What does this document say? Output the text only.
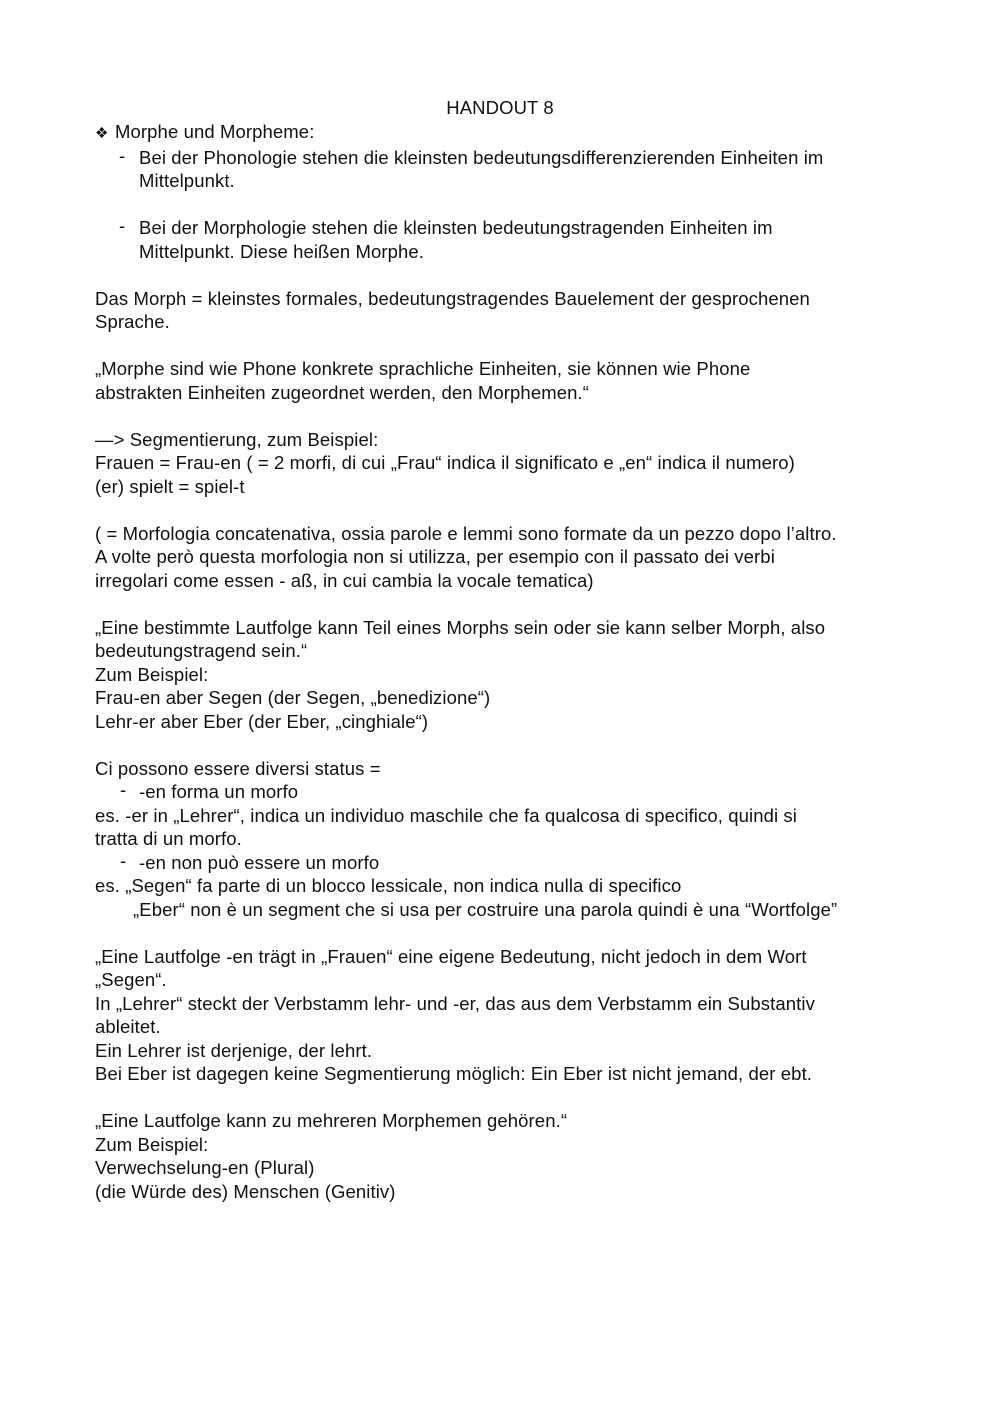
HANDOUT 8
❖ Morphe und Morpheme:
- Bei der Phonologie stehen die kleinsten bedeutungsdifferenzierenden Einheiten im
Mittelpunkt.
- Bei der Morphologie stehen die kleinsten bedeutungstragenden Einheiten im
Mittelpunkt. Diese heißen Morphe.
Das Morph = kleinstes formales, bedeutungstragendes Bauelement der gesprochenen
Sprache.
„Morphe sind wie Phone konkrete sprachliche Einheiten, sie können wie Phone
abstrakten Einheiten zugeordnet werden, den Morphemen.“
—> Segmentierung, zum Beispiel:
Frauen = Frau-en ( = 2 morfi, di cui „Frau“ indica il significato e „en“ indica il numero)
(er) spielt = spiel-t
( = Morfologia concatenativa, ossia parole e lemmi sono formate da un pezzo dopo l’altro.
A volte però questa morfologia non si utilizza, per esempio con il passato dei verbi
irregolari come essen - aß, in cui cambia la vocale tematica)
„Eine bestimmte Lautfolge kann Teil eines Morphs sein oder sie kann selber Morph, also
bedeutungstragend sein.“
Zum Beispiel:
Frau-en aber Segen (der Segen, „benedizione“)
Lehr-er aber Eber (der Eber, „cinghiale“)
Ci possono essere diversi status =
- -en forma un morfo
es. -er in „Lehrer“, indica un individuo maschile che fa qualcosa di specifico, quindi si
tratta di un morfo.
- -en non può essere un morfo
es. „Segen“ fa parte di un blocco lessicale, non indica nulla di specifico
„Eber“ non è un segment che si usa per costruire una parola quindi è una “Wortfolge”
„Eine Lautfolge -en trägt in „Frauen“ eine eigene Bedeutung, nicht jedoch in dem Wort
„Segen“.
In „Lehrer“ steckt der Verbstamm lehr- und -er, das aus dem Verbstamm ein Substantiv
ableitet.
Ein Lehrer ist derjenige, der lehrt.
Bei Eber ist dagegen keine Segmentierung möglich: Ein Eber ist nicht jemand, der ebt.
„Eine Lautfolge kann zu mehreren Morphemen gehören.“
Zum Beispiel:
Verwechselung-en (Plural)
(die Würde des) Menschen (Genitiv)
